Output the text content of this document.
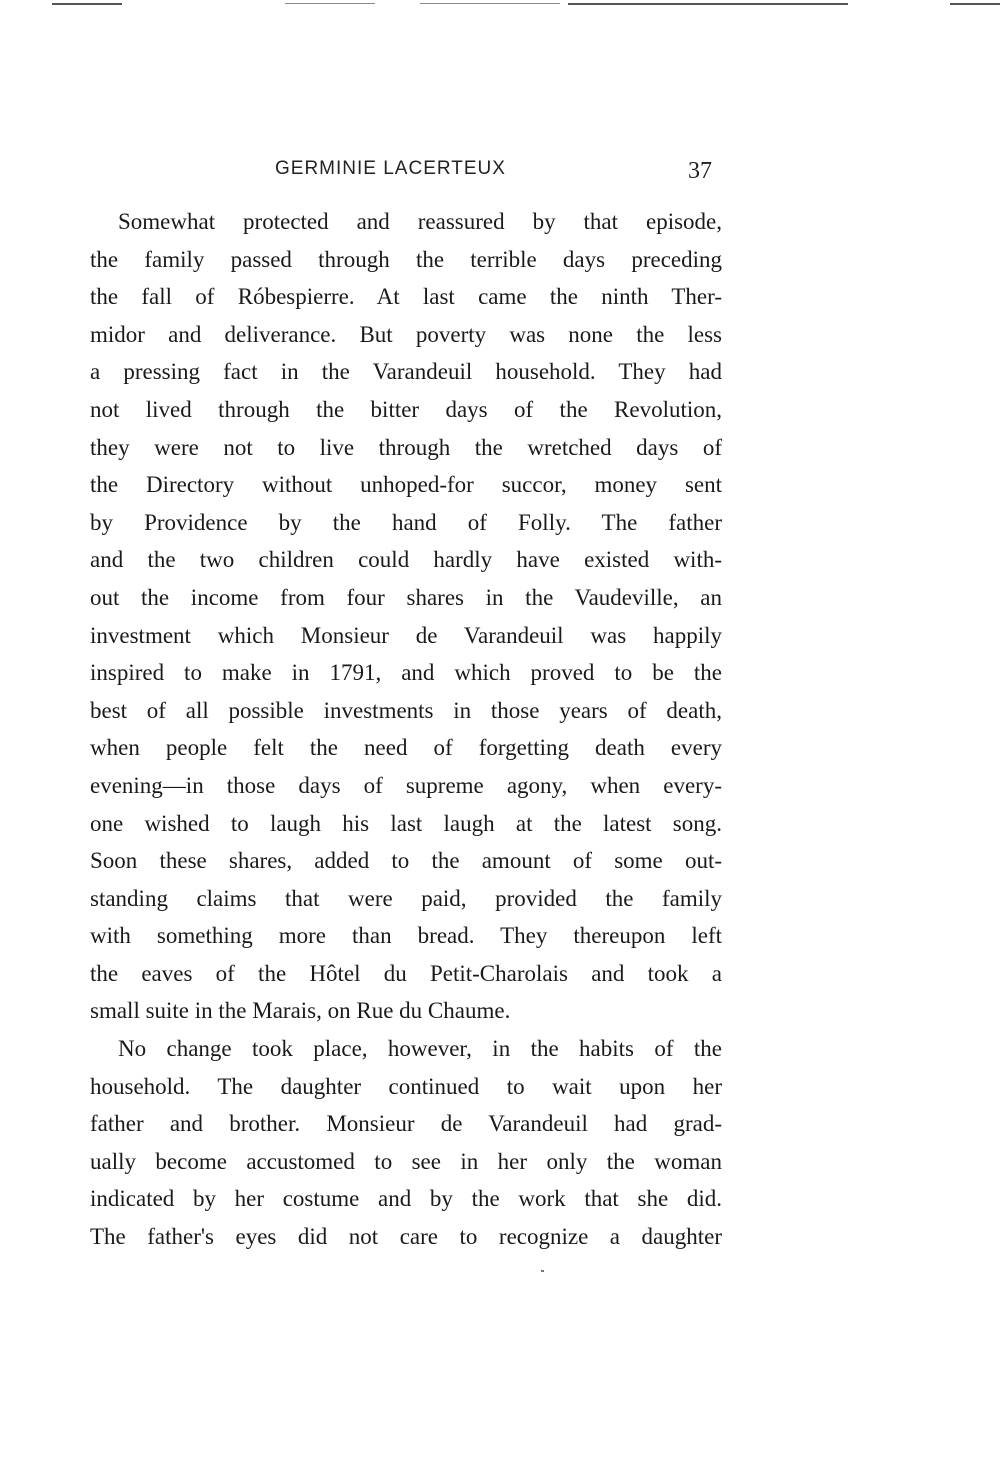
GERMINIE LACERTEUX	37
Somewhat protected and reassured by that episode,
the family passed through the terrible days preceding
the fall of Róbespierre. At last came the ninth Ther-
midor and deliverance. But poverty was none the less
a pressing fact in the Varandeuil household. They had
not lived through the bitter days of the Revolution,
they were not to live through the wretched days of
the Directory without unhoped-for succor, money sent
by Providence by the hand of Folly. The father
and the two children could hardly have existed with-
out the income from four shares in the Vaudeville, an
investment which Monsieur de Varandeuil was happily
inspired to make in 1791, and which proved to be the
best of all possible investments in those years of death,
when people felt the need of forgetting death every
evening—in those days of supreme agony, when every-
one wished to laugh his last laugh at the latest song.
Soon these shares, added to the amount of some out-
standing claims that were paid, provided the family
with something more than bread. They thereupon left
the eaves of the Hôtel du Petit-Charolais and took a
small suite in the Marais, on Rue du Chaume.
No change took place, however, in the habits of the
household. The daughter continued to wait upon her
father and brother. Monsieur de Varandeuil had grad-
ually become accustomed to see in her only the woman
indicated by her costume and by the work that she did.
The father's eyes did not care to recognize a daughter
